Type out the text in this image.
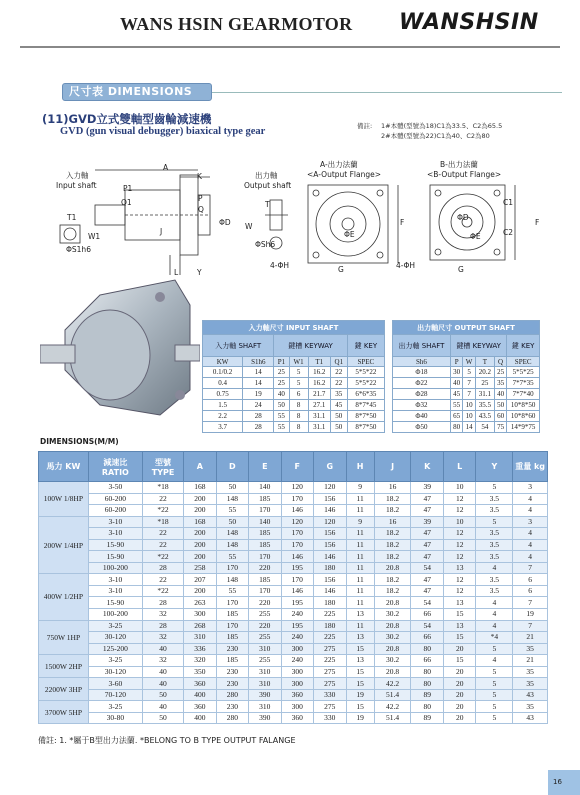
WANS HSIN GEARMOTOR WANSHSIN
尺寸表 DIMENSIONS
(11)GVD立式雙軸型齒輪減速機
GVD (gun visual debugger) biaxical type gear	備註: 1#本體(型號為18)C1為33.5、C2為65.5
2#本體(型號為22)C1為40、C2為80
入力軸
Input shaft
出力軸
Output shaft
A-出力法蘭
<A-Output Flange>
B-出力法蘭
<B-Output Flange>
A
K
P1
Q1
T1
W1
ΦS1h6
J
L	Y
P
Q
ΦD
T
W
ΦSh6
ΦE
F
G
4-ΦH
ΦD
ΦE
C1
C2
F
G
4-ΦH
入力軸尺寸 INPUT SHAFT						
入力軸 SHAFT		鍵槽 KEYWAY				鍵 KEY
KW	S1h6	P1	W1	T1	Q1	SPEC
0.1/0.2	14	25	5	16.2	22	5*5*22
0.4	14	25	5	16.2	22	5*5*22
0.75	19	40	6	21.7	35	6*6*35
1.5	24	50	8	27.1	45	8*7*45
2.2	28	55	8	31.1	50	8*7*50
3.7	28	55	8	31.1	50	8*7*50
出力軸尺寸 OUTPUT SHAFT					
出力軸 SHAFT	鍵槽 KEYWAY				鍵 KEY
Sh6	P	W	T	Q	SPEC
Φ18	30	5	20.2	25	5*5*25
Φ22	40	7	25	35	7*7*35
Φ28	45	7	31.1	40	7*7*40
Φ32	55	10	35.5	50	10*8*50
Φ40	65	10	43.5	60	10*8*60
Φ50	80	14	54	75	14*9*75
DIMENSIONS(M/M)
馬力 KW	減速比 RATIO	型號 TYPE	A	D	E	F	G	H	J	K	L	Y	重量 kg
100W 1/8HP	3-50	*18	168	50	140	120	120	9	16	39	10	5	3
	60-200	22	200	148	185	170	156	11	18.2	47	12	3.5	4
	60-200	*22	200	55	170	146	146	11	18.2	47	12	3.5	4
200W 1/4HP	3-10	*18	168	50	140	120	120	9	16	39	10	5	3
	3-10	22	200	148	185	170	156	11	18.2	47	12	3.5	4
	15-90	22	200	148	185	170	156	11	18.2	47	12	3.5	4
	15-90	*22	200	55	170	146	146	11	18.2	47	12	3.5	4
	100-200	28	258	170	220	195	180	11	20.8	54	13	4	7
400W 1/2HP	3-10	22	207	148	185	170	156	11	18.2	47	12	3.5	6
	3-10	*22	200	55	170	146	146	11	18.2	47	12	3.5	6
	15-90	28	263	170	220	195	180	11	20.8	54	13	4	7
	100-200	32	300	185	255	240	225	13	30.2	66	15	4	19
750W 1HP	3-25	28	268	170	220	195	180	11	20.8	54	13	4	7
	30-120	32	310	185	255	240	225	13	30.2	66	15	*4	21
	125-200	40	336	230	310	300	275	15	20.8	80	20	5	35
1500W 2HP	3-25	32	320	185	255	240	225	13	30.2	66	15	4	21
	30-120	40	350	230	310	300	275	15	20.8	80	20	5	35
2200W 3HP	3-60	40	360	230	310	300	275	15	42.2	80	20	5	35
	70-120	50	400	280	390	360	330	19	51.4	89	20	5	43
3700W 5HP	3-25	40	360	230	310	300	275	15	42.2	80	20	5	35
	30-80	50	400	280	390	360	330	19	51.4	89	20	5	43
備註: 1. *屬于B型出力法蘭. *BELONG TO B TYPE OUTPUT FALANGE
16
